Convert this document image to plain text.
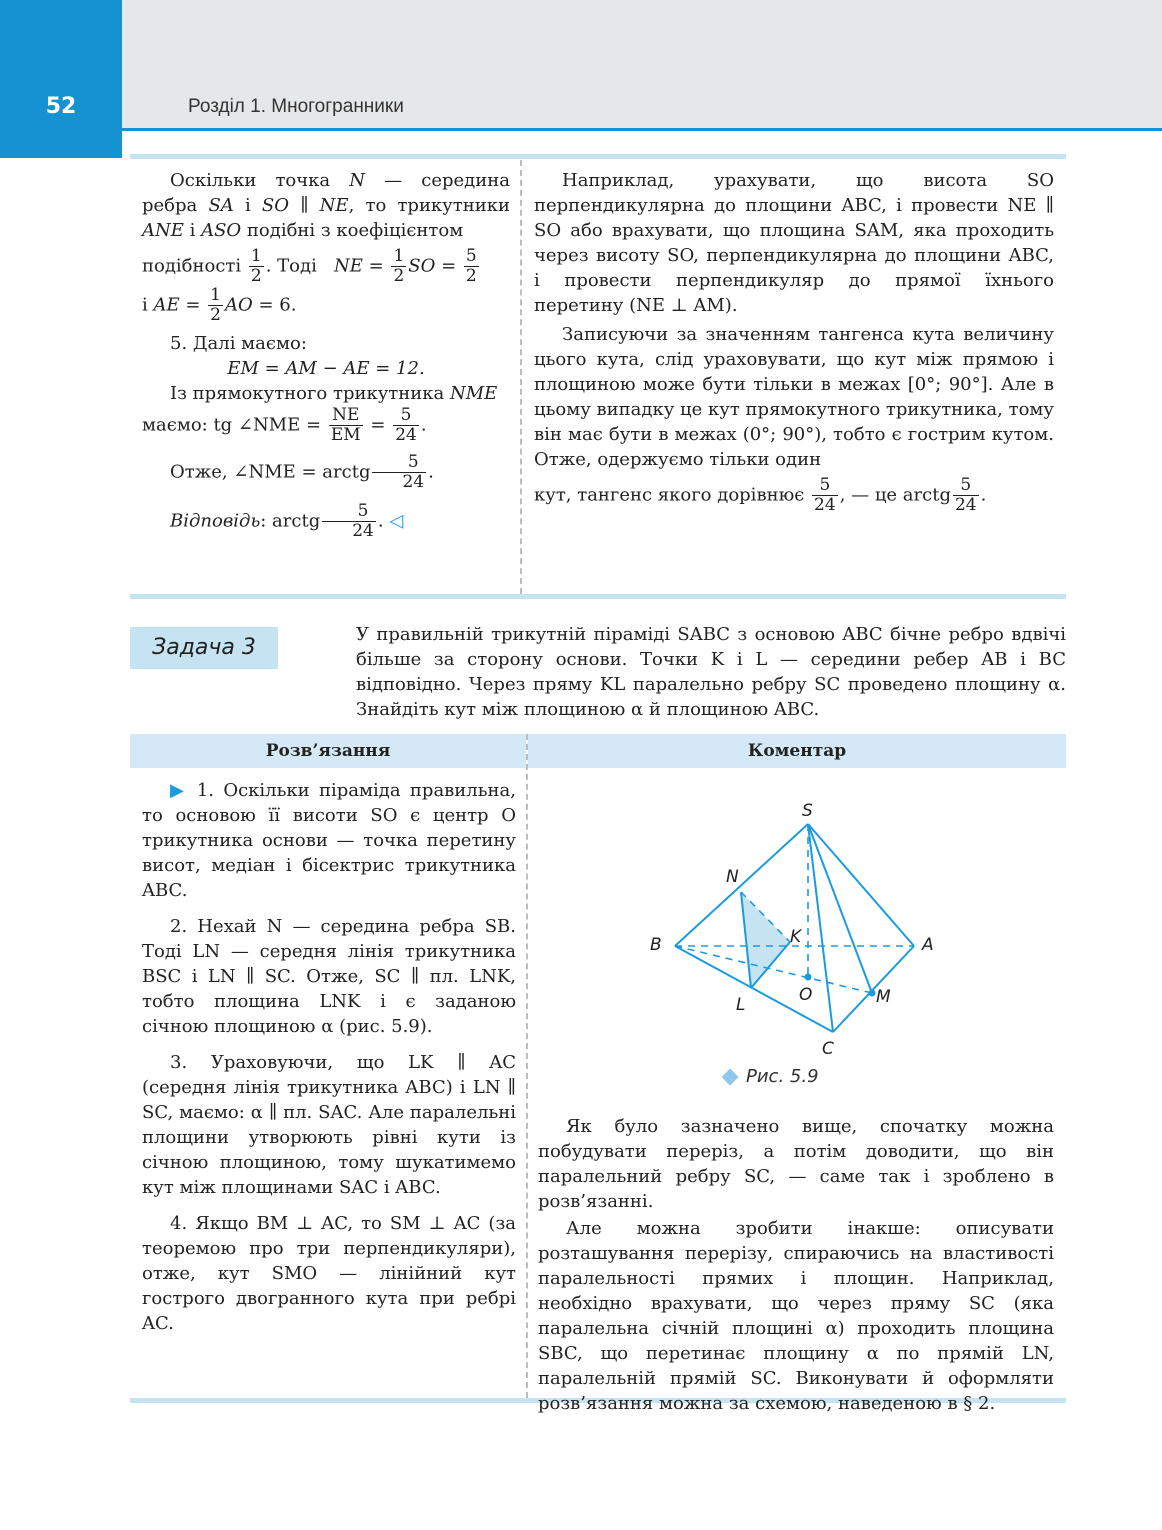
52	Розділ 1. Многогранники

Оскільки точка N — середина ребра SA і SO ∥ NE, то трикутники ANE і ASO подібні з коефіцієнтом

подібності $\frac{1}{2}$ . Тоді   NE = $\frac{1}{2}$ SO = $\frac{5}{2}$

і AE = $\frac{1}{2}$ AO = 6.

5. Далі маємо:

EM = AM − AE = 12.

Із прямокутного трикутника NME

маємо: tg ∠NME = $\frac{NE}{EM} = \frac{5}{24}$ .

Отже, ∠NME = arctg $\frac{5}{24}$ .

Відповідь: arctg $\frac{5}{24}$ . ◁

Наприклад, урахувати, що висота SO перпендикулярна до площини ABC, і провести NE ∥ SO або врахувати, що площина SAM, яка проходить через висоту SO, перпендикулярна до площини ABC, і провести перпендикуляр до прямої їхнього перетину (NE ⊥ AM).

Записуючи за значенням тангенса кута величину цього кута, слід ураховувати, що кут між прямою і площиною може бути тільки в межах [0°; 90°]. Але в цьому випадку це кут прямокутного трикутника, тому він має бути в межах (0°; 90°), тобто є гострим кутом. Отже, одержуємо тільки один

кут, тангенс якого дорівнює $\frac{5}{24}$ , — це arctg $\frac{5}{24}$ .

Задача 3

У правильній трикутній піраміді SABC з основою ABC бічне ребро вдвічі більше за сторону основи. Точки K і L — середини ребер AB і BC відповідно. Через пряму KL паралельно ребру SC проведено площину α. Знайдіть кут між площиною α й площиною ABC.

Розв’язання	Коментар

▶ 1. Оскільки піраміда правильна, то основою її висоти SO є центр O трикутника основи — точка перетину висот, медіан і бісектрис трикутника ABC.

2. Нехай N — середина ребра SB. Тоді LN — середня лінія трикутника BSC і LN ∥ SC. Отже, SC ∥ пл. LNK, тобто площина LNK і є заданою січною площиною α (рис. 5.9).

3. Ураховуючи, що LK ∥ AC (середня лінія трикутника ABC) і LN ∥ SC, маємо: α ∥ пл. SAC. Але паралельні площини утворюють рівні кути із січною площиною, тому шукатимемо кут між площинами SAC і ABC.

4. Якщо BM ⊥ AC, то SM ⊥ AC (за теоремою про три перпендикуляри), отже, кут SMO — лінійний кут гострого двогранного кута при ребрі AC.

S
N
K
B	A
O	M
L
C
Рис. 5.9

Як було зазначено вище, спочатку можна побудувати переріз, а потім доводити, що він паралельний ребру SC, — саме так і зроблено в розв’язанні.

Але можна зробити інакше: описувати розташування перерізу, спираючись на властивості паралельності прямих і площин. Наприклад, необхідно врахувати, що через пряму SC (яка паралельна січній площині α) проходить площина SBC, що перетинає площину α по прямій LN, паралельній прямій SC. Виконувати й оформляти розв’язання можна за схемою, наведеною в § 2.
